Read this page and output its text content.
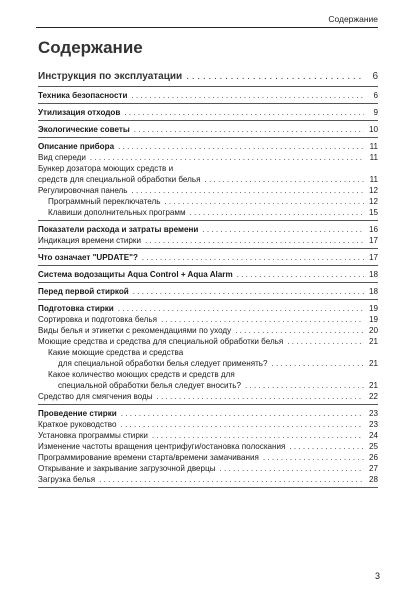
Содержание
Содержание
Инструкция по эксплуатации . . .	6
Техника безопасности . . .	6
Утилизация отходов . . .	9
Экологические советы . . .	10
Описание прибора . . .	11
Вид спереди . . .	11
Бункер дозатора моющих средств и
средств для специальной обработки белья . . .	11
Регулировочная панель . . .	12
Программный переключатель . . .	12
Клавиши дополнительных программ . . .	15
Показатели расхода и затраты времени . . .	16
Индикация времени стирки . . .	17
Что означает "UPDATE"? . . .	17
Система водозащиты Aqua Control + Aqua Alarm . . .	18
Перед первой стиркой . . .	18
Подготовка стирки . . .	19
Сортировка и подготовка белья . . .	19
Виды белья и этикетки с рекомендациями по уходу . . .	20
Моющие средства и средства для специальной обработки белья . . .	21
Какие моющие средства и средства
для специальной обработки белья следует применять? . . .	21
Какое количество моющих средств и средств для
специальной обработки белья следует вносить? . . .	21
Средство для смягчения воды . . .	22
Проведение стирки . . .	23
Краткое руководство . . .	23
Установка программы стирки . . .	24
Изменение частоты вращения центрифуги/остановка полоскания . . .	25
Программирование времени старта/времени замачивания . . .	26
Открывание и закрывание загрузочной дверцы . . .	27
Загрузка белья . . .	28
3
